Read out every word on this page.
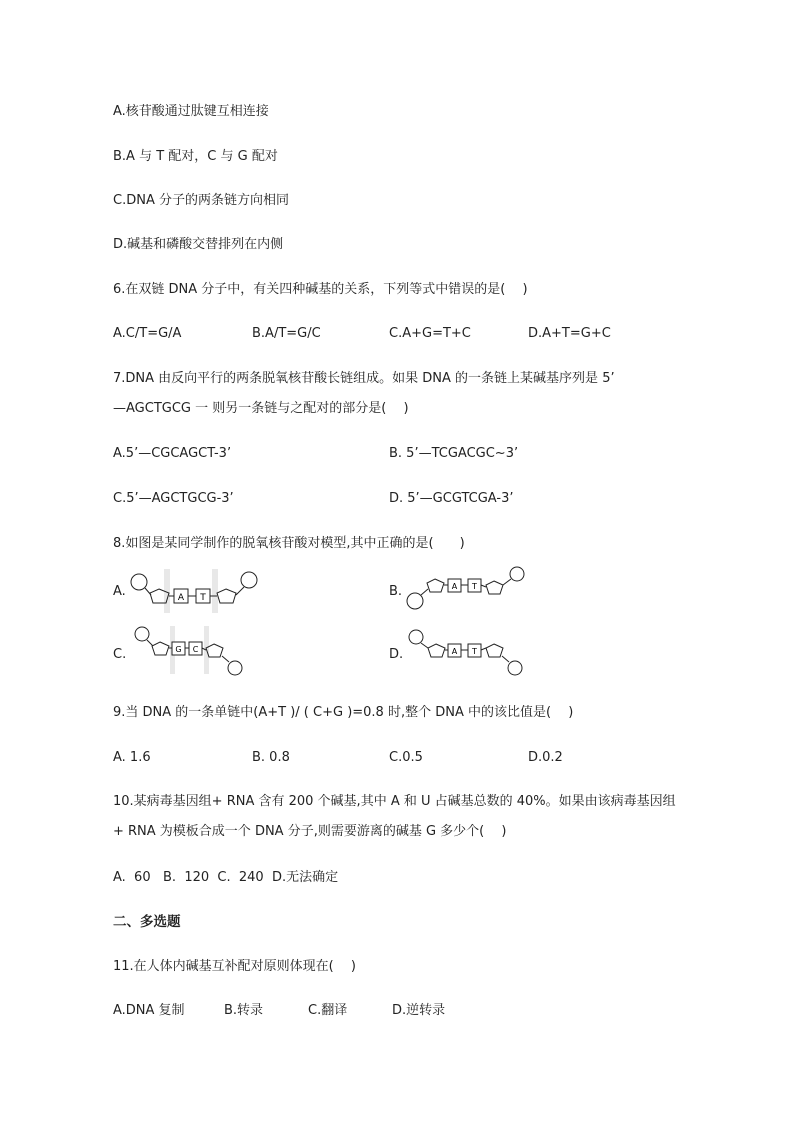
A.核苷酸通过肽键互相连接
B.A 与 T 配对，C 与 G 配对
C.DNA 分子的两条链方向相同
D.碱基和磷酸交替排列在内侧
6.在双链 DNA 分子中，有关四种碱基的关系，下列等式中错误的是(　 )
A.C/T=G/A	B.A/T=G/C	C.A+G=T+C	D.A+T=G+C
7.DNA 由反向平行的两条脱氧核苷酸长链组成。如果 DNA 的一条链上某碱基序列是 5’
—AGCTGCG 一 则另一条链与之配对的部分是(　 )
A.5’—CGCAGCT-3’	B. 5’—TCGACGC~3’
C.5’—AGCTGCG-3’	D. 5’—GCGTCGA-3’
8.如图是某同学制作的脱氧核苷酸对模型,其中正确的是(　　)
A.	A T	B.	A T
C.	G C	D.	A T
9.当 DNA 的一条单链中(A+T )/ ( C+G )=0.8 时,整个 DNA 中的该比值是(　 )
A. 1.6	B. 0.8	C.0.5	D.0.2
10.某病毒基因组+ RNA 含有 200 个碱基,其中 A 和 U 占碱基总数的 40%。如果由该病毒基因组
+ RNA 为模板合成一个 DNA 分子,则需要游离的碱基 G 多少个(　 )
A.  60   B.  120  C.  240  D.无法确定
二、多选题
11.在人体内碱基互补配对原则体现在(　 )
A.DNA 复制	B.转录	C.翻译	D.逆转录
